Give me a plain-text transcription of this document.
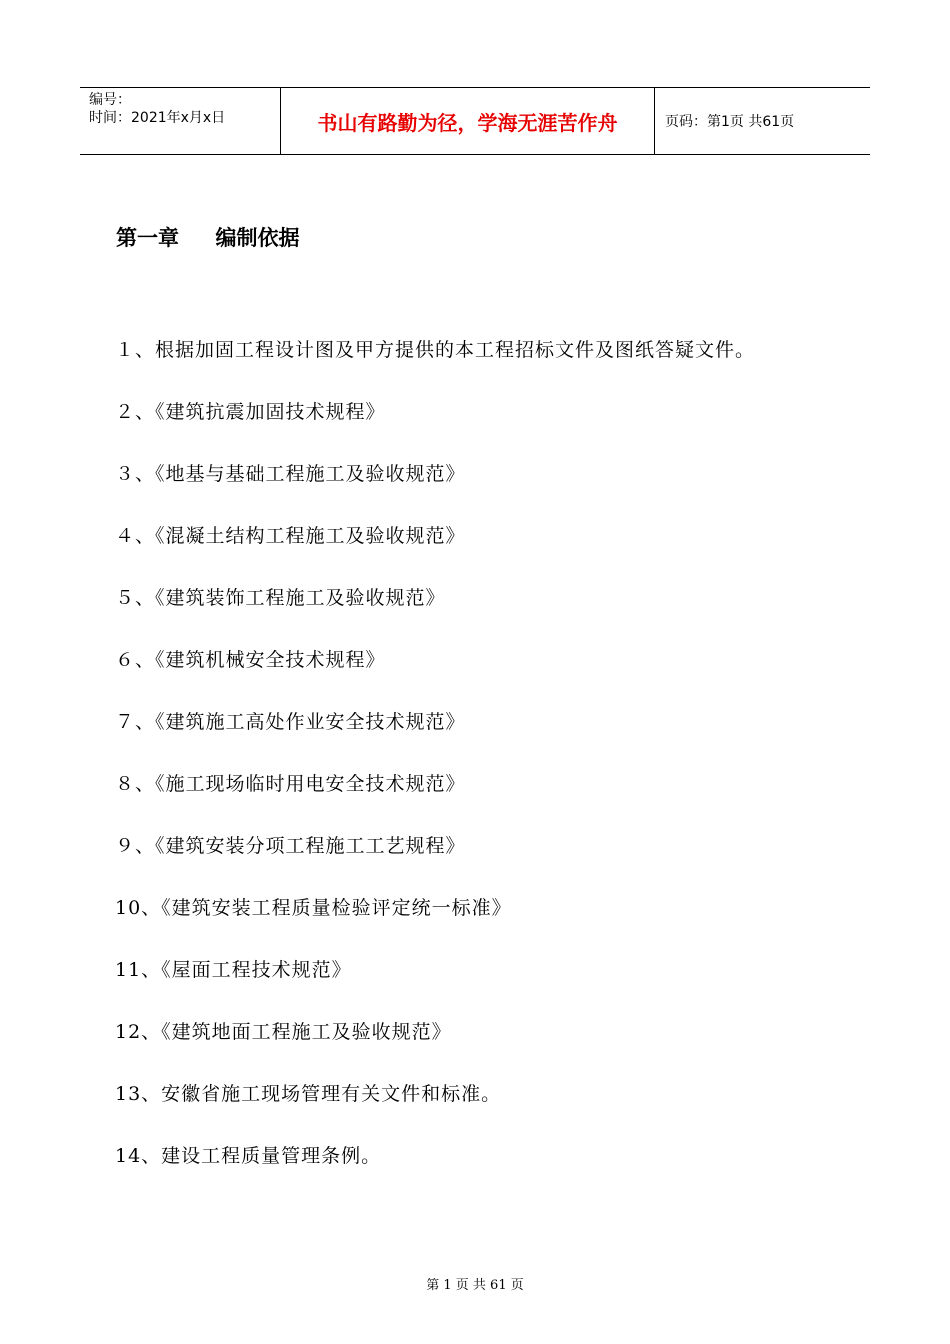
编号：
时间：2021年x月x日	书山有路勤为径，学海无涯苦作舟	页码：第1页 共61页
第一章     编制依据
１、根据加固工程设计图及甲方提供的本工程招标文件及图纸答疑文件。
２、《建筑抗震加固技术规程》
３、《地基与基础工程施工及验收规范》
４、《混凝土结构工程施工及验收规范》
５、《建筑装饰工程施工及验收规范》
６、《建筑机械安全技术规程》
７、《建筑施工高处作业安全技术规范》
８、《施工现场临时用电安全技术规范》
９、《建筑安装分项工程施工工艺规程》
10、《建筑安装工程质量检验评定统一标准》
11、《屋面工程技术规范》
12、《建筑地面工程施工及验收规范》
13、安徽省施工现场管理有关文件和标准。
14、建设工程质量管理条例。
第 1 页 共 61 页
